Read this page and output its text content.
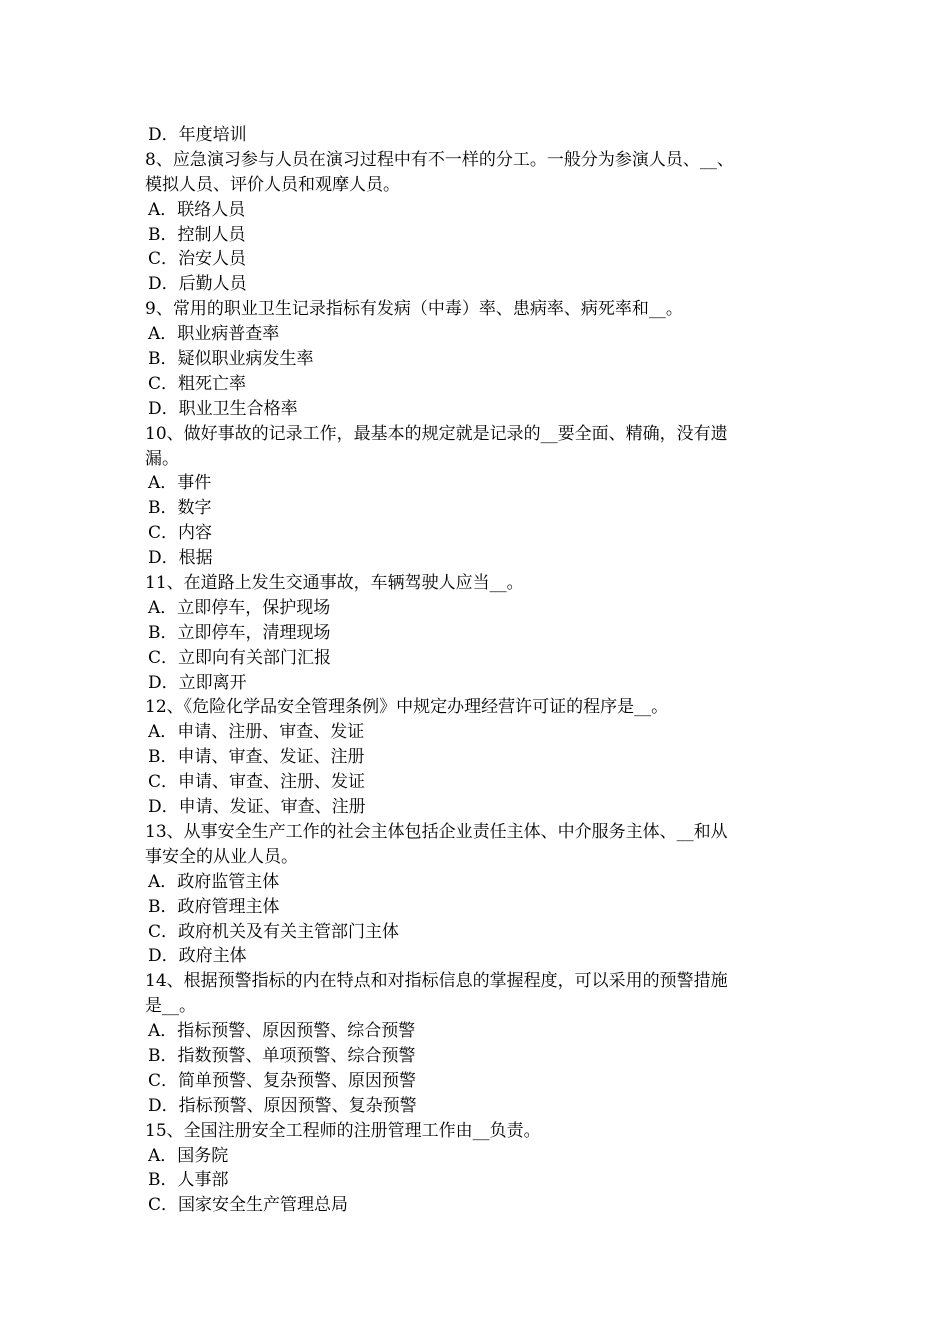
D．年度培训
8、应急演习参与人员在演习过程中有不一样的分工。一般分为参演人员、__、
模拟人员、评价人员和观摩人员。
A．联络人员
B．控制人员
C．治安人员
D．后勤人员
9、常用的职业卫生记录指标有发病（中毒）率、患病率、病死率和__。
A．职业病普查率
B．疑似职业病发生率
C．粗死亡率
D．职业卫生合格率
10、做好事故的记录工作，最基本的规定就是记录的__要全面、精确，没有遗
漏。
A．事件
B．数字
C．内容
D．根据
11、在道路上发生交通事故，车辆驾驶人应当__。
A．立即停车，保护现场
B．立即停车，清理现场
C．立即向有关部门汇报
D．立即离开
12、《危险化学品安全管理条例》中规定办理经营许可证的程序是__。
A．申请、注册、审查、发证
B．申请、审查、发证、注册
C．申请、审查、注册、发证
D．申请、发证、审查、注册
13、从事安全生产工作的社会主体包括企业责任主体、中介服务主体、__和从
事安全的从业人员。
A．政府监管主体
B．政府管理主体
C．政府机关及有关主管部门主体
D．政府主体
14、根据预警指标的内在特点和对指标信息的掌握程度，可以采用的预警措施
是__。
A．指标预警、原因预警、综合预警
B．指数预警、单项预警、综合预警
C．简单预警、复杂预警、原因预警
D．指标预警、原因预警、复杂预警
15、全国注册安全工程师的注册管理工作由__负责。
A．国务院
B．人事部
C．国家安全生产管理总局
